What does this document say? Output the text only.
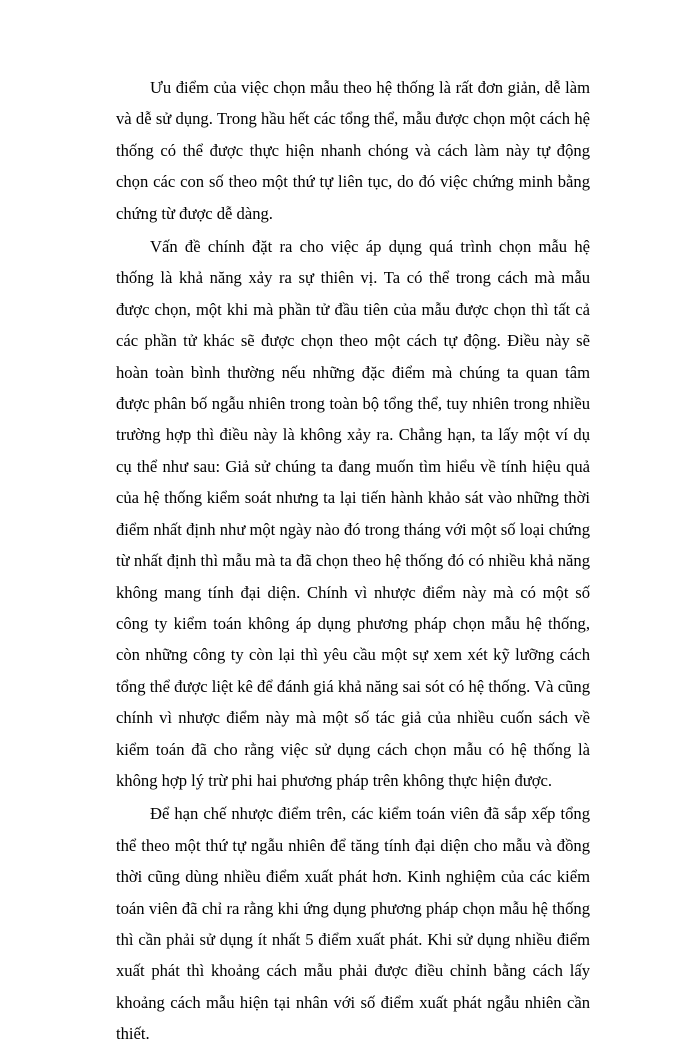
Ưu điểm của việc chọn mẫu theo hệ thống là rất đơn giản, dễ làm và dễ sử dụng. Trong hầu hết các tổng thể, mẫu được chọn một cách hệ thống có thể được thực hiện nhanh chóng và cách làm này tự động chọn các con số theo một thứ tự liên tục, do đó việc chứng minh bằng chứng từ được dễ dàng.

Vấn đề chính đặt ra cho việc áp dụng quá trình chọn mẫu hệ thống là khả năng xảy ra sự thiên vị. Ta có thể trong cách mà mẫu được chọn, một khi mà phần tử đầu tiên của mẫu được chọn thì tất cả các phần tử khác sẽ được chọn theo một cách tự động. Điều này sẽ hoàn toàn bình thường nếu những đặc điểm mà chúng ta quan tâm được phân bố ngẫu nhiên trong toàn bộ tổng thể, tuy nhiên trong nhiều trường hợp thì điều này là không xảy ra. Chẳng hạn, ta lấy một ví dụ cụ thể như sau: Giả sử chúng ta đang muốn tìm hiểu về tính hiệu quả của hệ thống kiểm soát nhưng ta lại tiến hành khảo sát vào những thời điểm nhất định như một ngày nào đó trong tháng với một số loại chứng từ nhất định thì mẫu mà ta đã chọn theo hệ thống đó có nhiều khả năng không mang tính đại diện. Chính vì nhược điểm này mà có một số công ty kiểm toán không áp dụng phương pháp chọn mẫu hệ thống, còn những công ty còn lại thì yêu cầu một sự xem xét kỹ lưỡng cách tổng thể được liệt kê để đánh giá khả năng sai sót có hệ thống. Và cũng chính vì nhược điểm này mà một số tác giả của nhiều cuốn sách về kiểm toán đã cho rằng việc sử dụng cách chọn mẫu có hệ thống là không hợp lý trừ phi hai phương pháp trên không thực hiện được.

Để hạn chế nhược điểm trên, các kiểm toán viên đã sắp xếp tổng thể theo một thứ tự ngẫu nhiên để tăng tính đại diện cho mẫu và đồng thời cũng dùng nhiều điểm xuất phát hơn. Kinh nghiệm của các kiểm toán viên đã chỉ ra rằng khi ứng dụng phương pháp chọn mẫu hệ thống thì cần phải sử dụng ít nhất 5 điểm xuất phát. Khi sử dụng nhiều điểm xuất phát thì khoảng cách mẫu phải được điều chỉnh bằng cách lấy khoảng cách mẫu hiện tại nhân với số điểm xuất phát ngẫu nhiên cần thiết.
